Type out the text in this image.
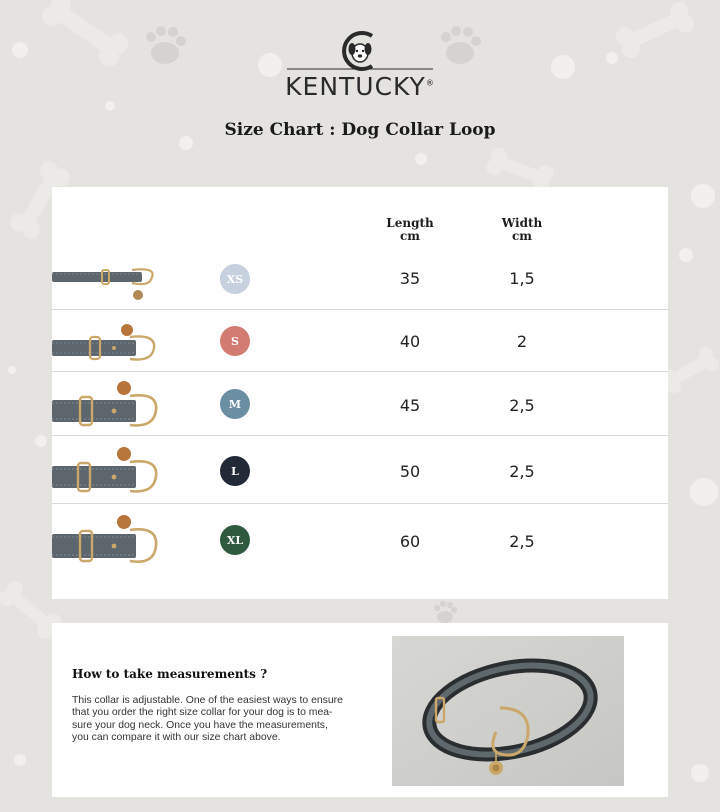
KENTUCKY®
Size Chart : Dog Collar Loop
Length
cm
Width
cm
XS	35	1,5
S	40	2
M	45	2,5
L	50	2,5
XL	60	2,5
How to take measurements ?
This collar is adjustable. One of the easiest ways to ensure
that you order the right size collar for your dog is to mea-
sure your dog neck. Once you have the measurements,
you can compare it with our size chart above.
